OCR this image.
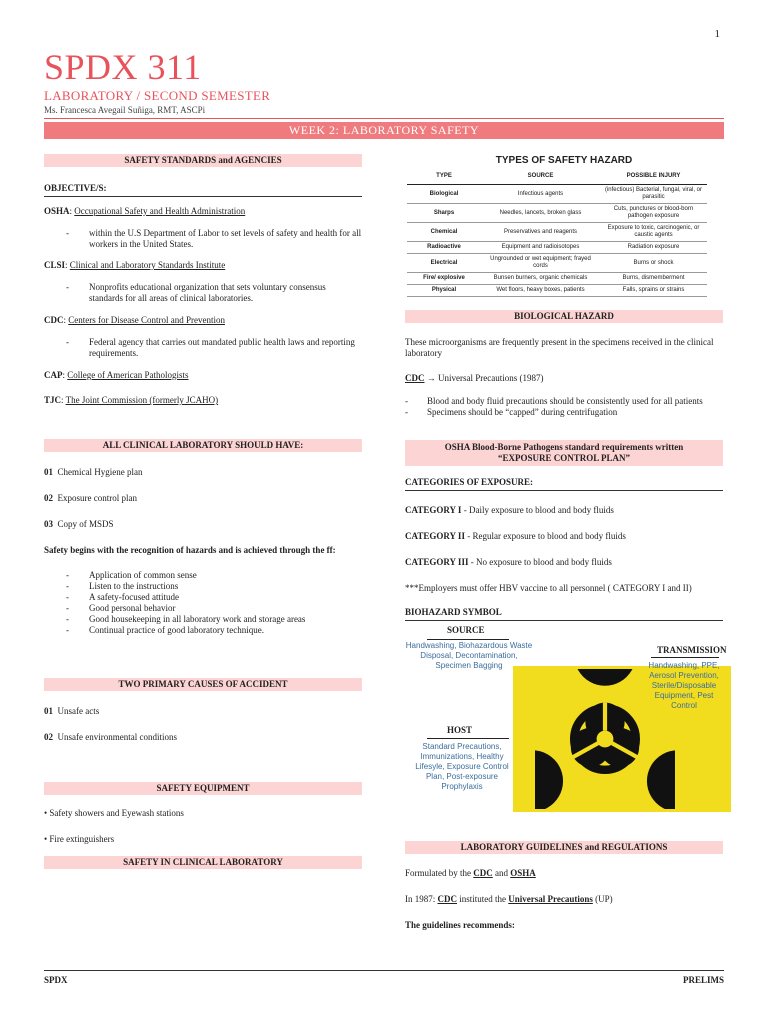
1
SPDX 311
LABORATORY / SECOND SEMESTER
Ms. Francesca Avegail Suñiga, RMT, ASCPi
WEEK 2: LABORATORY SAFETY
SAFETY STANDARDS and AGENCIES
OBJECTIVE/S:
OSHA: Occupational Safety and Health Administration
- within the U.S Department of Labor to set levels of safety and health for all workers in the United States.
CLSI: Clinical and Laboratory Standards Institute
- Nonprofits educational organization that sets voluntary consensus standards for all areas of clinical laboratories.
CDC: Centers for Disease Control and Prevention
- Federal agency that carries out mandated public health laws and reporting requirements.
CAP: College of American Pathologists
TJC: The Joint Commission (formerly JCAHO)
ALL CLINICAL LABORATORY SHOULD HAVE:
01 Chemical Hygiene plan
02 Exposure control plan
03 Copy of MSDS
Safety begins with the recognition of hazards and is achieved through the ff:
- Application of common sense
- Listen to the instructions
- A safety-focused attitude
- Good personal behavior
- Good housekeeping in all laboratory work and storage areas
- Continual practice of good laboratory technique.
TWO PRIMARY CAUSES OF ACCIDENT
01 Unsafe acts
02 Unsafe environmental conditions
SAFETY EQUIPMENT
• Safety showers and Eyewash stations
• Fire extinguishers
SAFETY IN CLINICAL LABORATORY
TYPES OF SAFETY HAZARD
TYPE	SOURCE	POSSIBLE INJURY
Biological	Infectious agents	(infectious) Bacterial, fungal, viral, or parasitic
Sharps	Needles, lancets, broken glass	Cuts, punctures or blood-born pathogen exposure
Chemical	Preservatives and reagents	Exposure to toxic, carcinogenic, or caustic agents
Radioactive	Equipment and radioisotopes	Radiation exposure
Electrical	Ungrounded or wet equipment; frayed cords	Burns or shock
Fire/ explosive	Bunsen burners, organic chemicals	Burns, dismemberment
Physical	Wet floors, heavy boxes, patients	Falls, sprains or strains
BIOLOGICAL HAZARD
These microorganisms are frequently present in the specimens received in the clinical laboratory
CDC → Universal Precautions (1987)
- Blood and body fluid precautions should be consistently used for all patients
- Specimens should be “capped” during centrifugation
OSHA Blood-Borne Pathogens standard requirements written
“EXPOSURE CONTROL PLAN”
CATEGORIES OF EXPOSURE:
CATEGORY I - Daily exposure to blood and body fluids
CATEGORY II - Regular exposure to blood and body fluids
CATEGORY III - No exposure to blood and body fluids
***Employers must offer HBV vaccine to all personnel ( CATEGORY I and II)
BIOHAZARD SYMBOL
SOURCE
Handwashing, Biohazardous Waste Disposal, Decontamination, Specimen Bagging
TRANSMISSION
Handwashing, PPE, Aerosol Prevention, Sterile/Disposable Equipment, Pest Control
HOST
Standard Precautions, Immunizations, Healthy Lifesyle, Exposure Control Plan, Post-exposure Prophylaxis
LABORATORY GUIDELINES and REGULATIONS
Formulated by the CDC and OSHA
In 1987: CDC instituted the Universal Precautions (UP)
The guidelines recommends:
SPDX	PRELIMS
